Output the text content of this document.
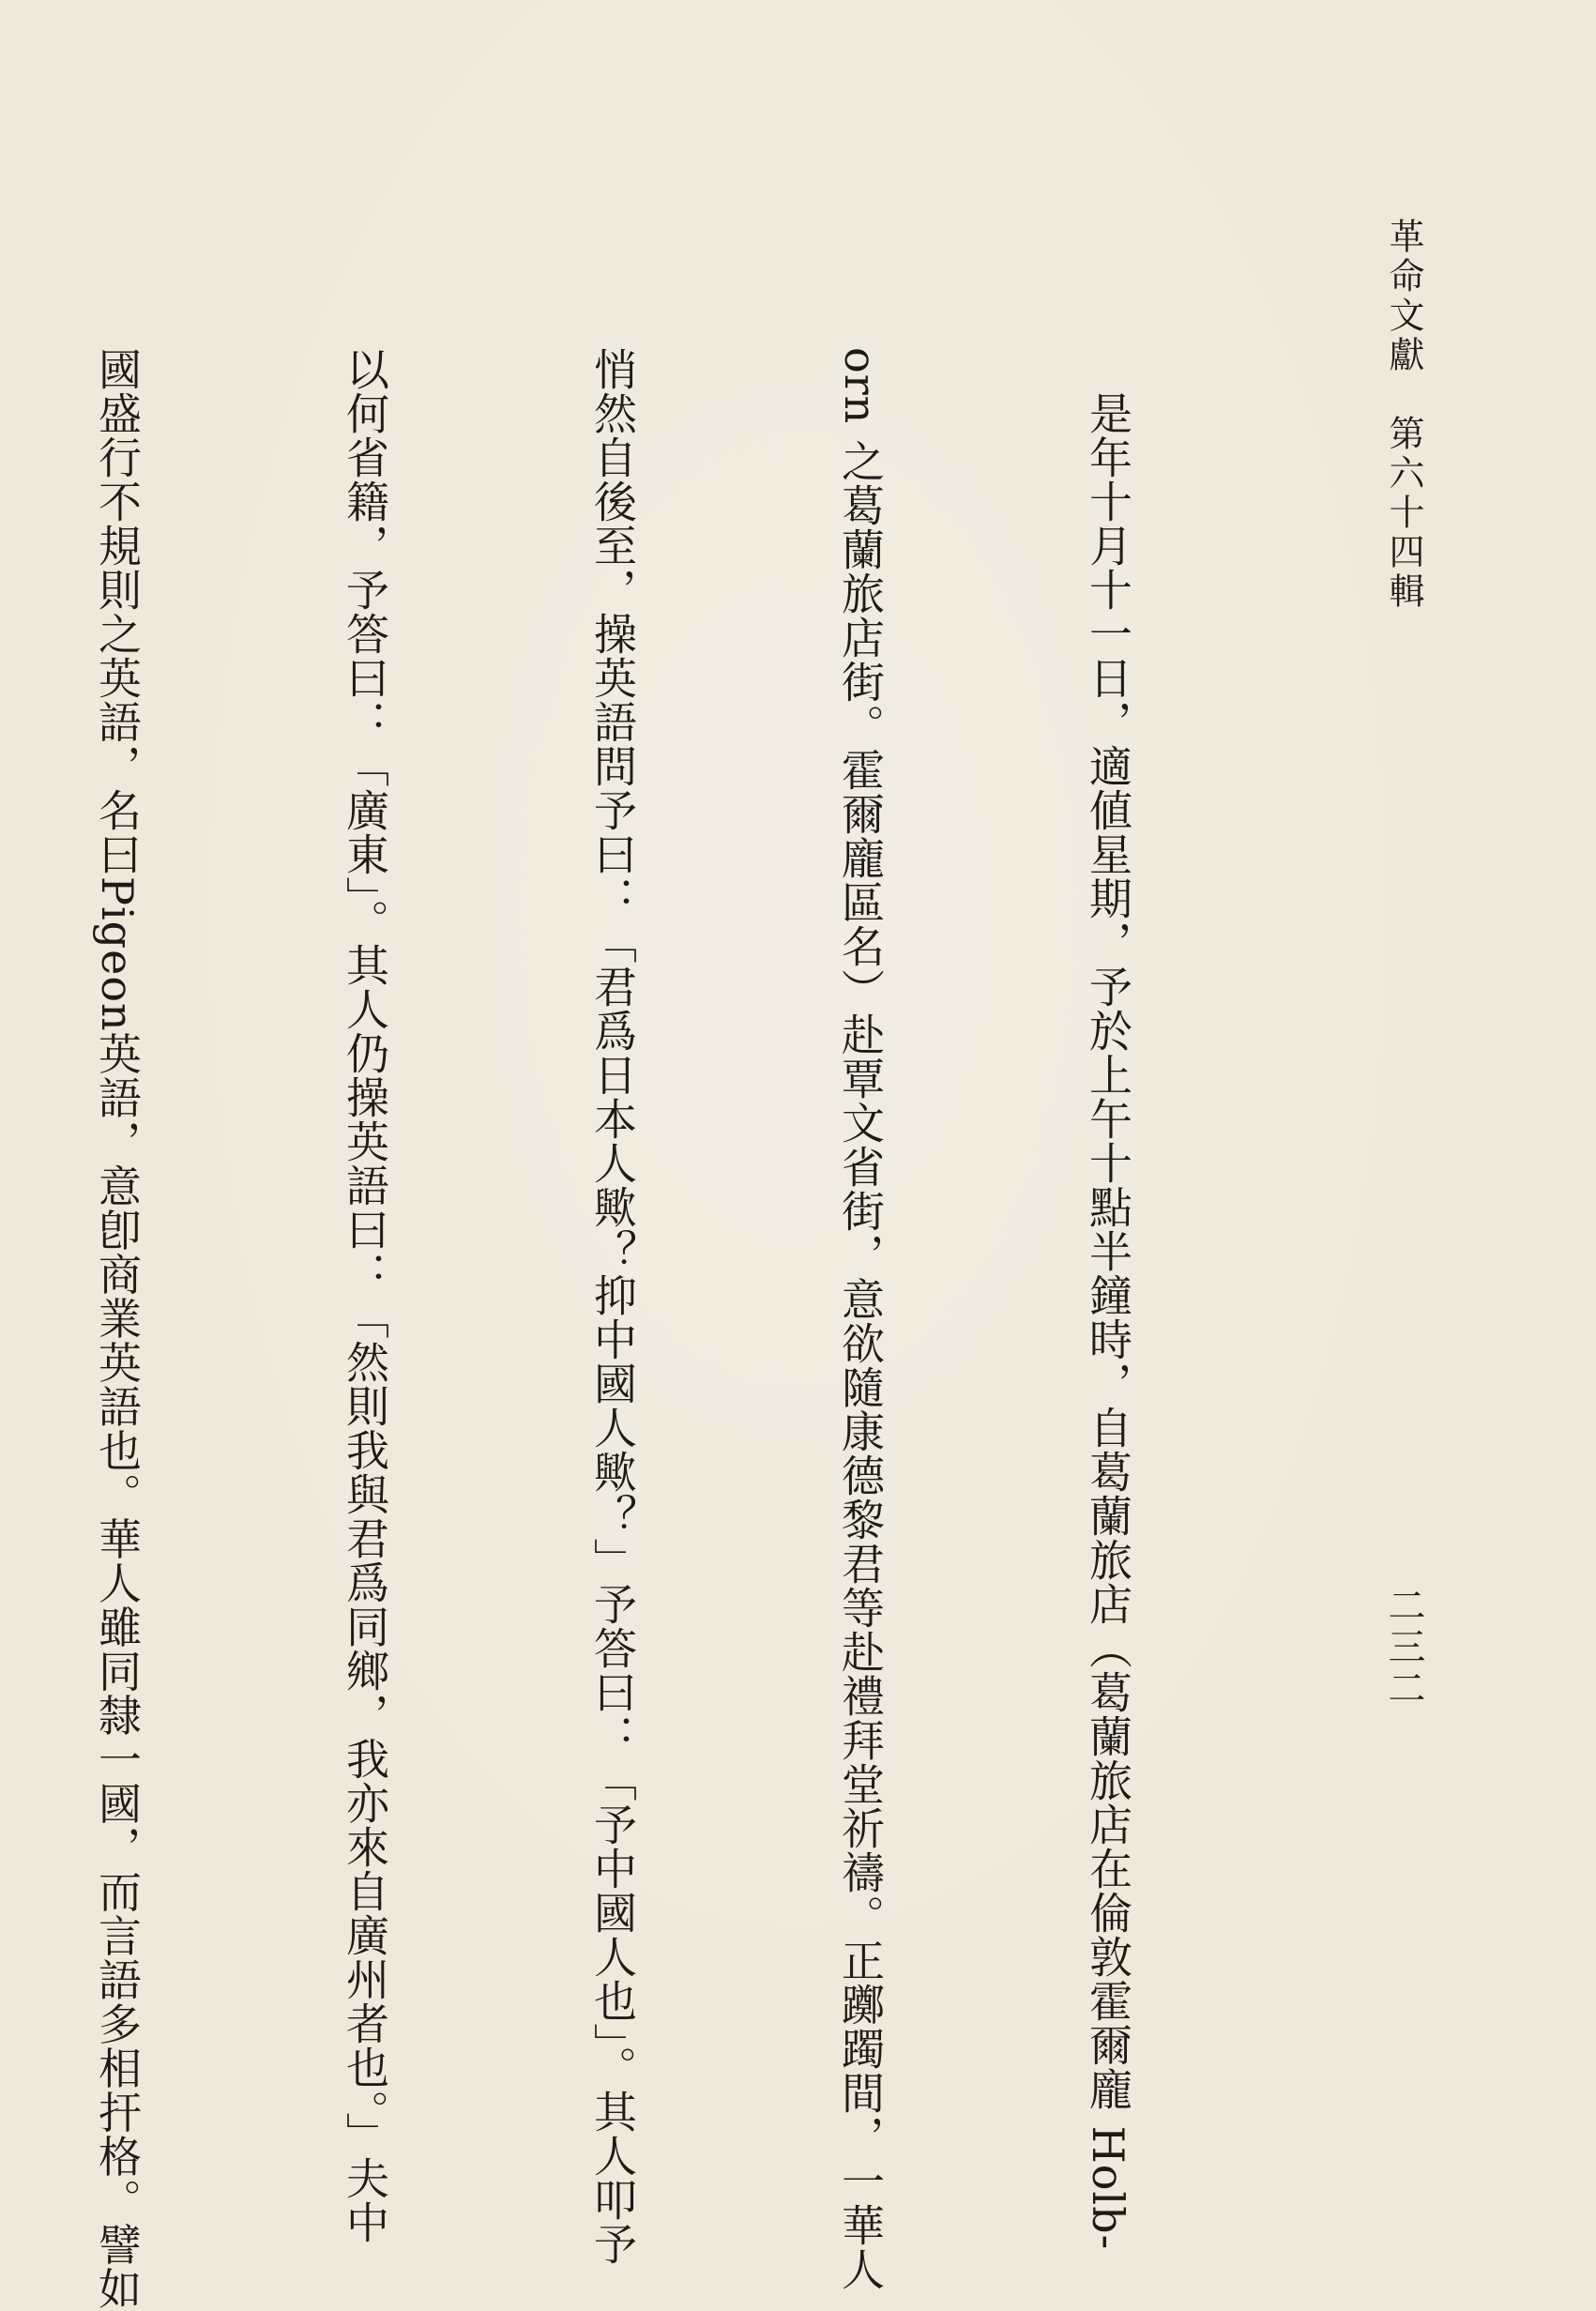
革命文獻　第六十四輯
二三二

　是年十月十一日，適値星期，予於上午十點半鐘時，自葛蘭旅店（葛蘭旅店在倫敦霍爾龐 Holb-

orn 之葛蘭旅店街。霍爾龐區名）赴覃文省街，意欲隨康德黎君等赴禮拜堂祈禱。正躑躅間，一華人

悄然自後至，操英語問予曰：「君爲日本人歟？抑中國人歟？」予答曰：「予中國人也」。其人叩予

以何省籍，予答曰：「廣東」。其人仍操英語曰：「然則我與君爲同鄉，我亦來自廣州者也。」夫中

國盛行不規則之英語，名曰Pigeon英語，意卽商業英語也。華人雖同隸一國，而言語多相扞格。譬如
